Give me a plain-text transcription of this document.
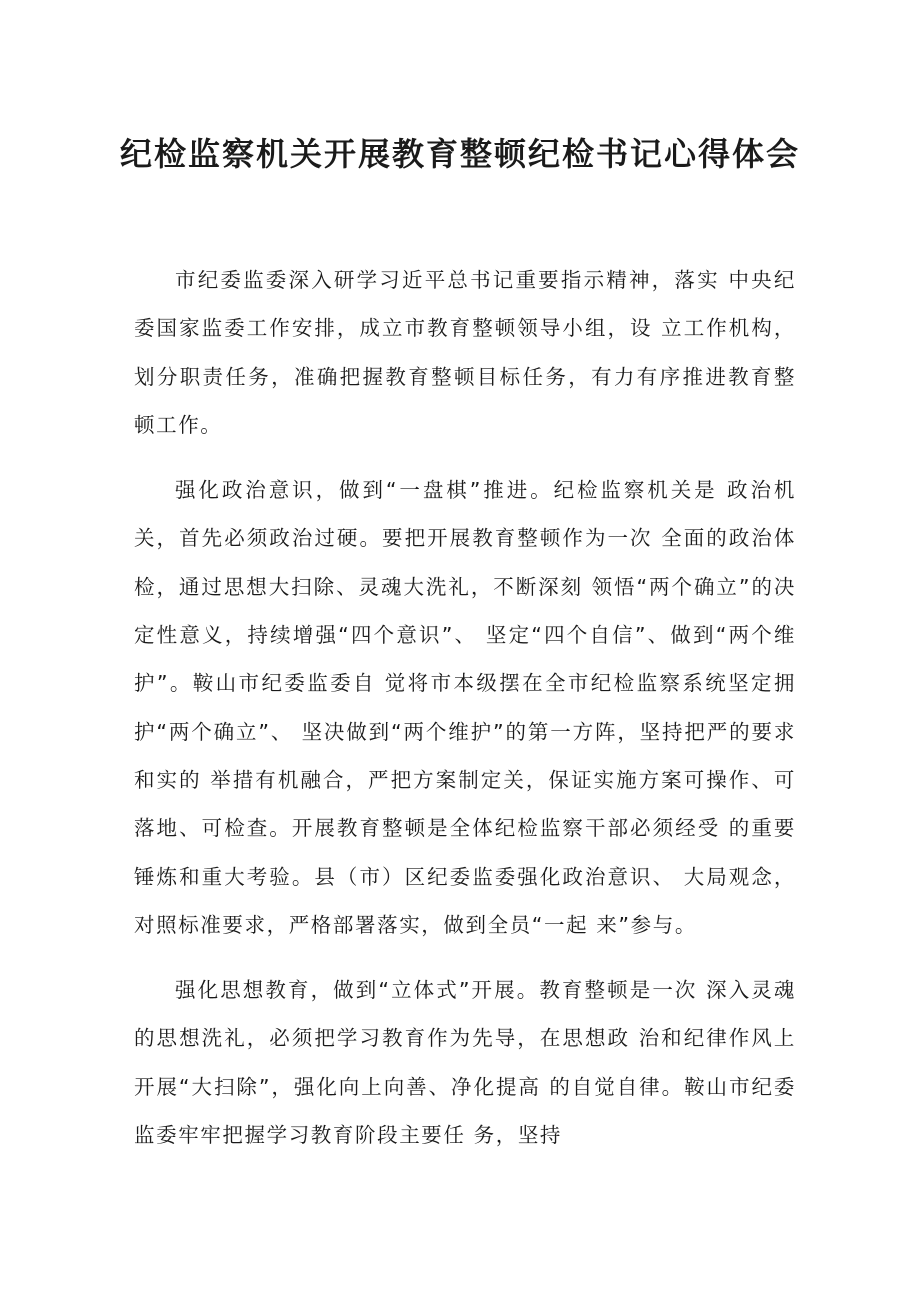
纪检监察机关开展教育整顿纪检书记心得体会

市纪委监委深入研学习近平总书记重要指示精神，落实 中央纪委国家监委工作安排，成立市教育整顿领导小组，设 立工作机构，划分职责任务，准确把握教育整顿目标任务，有力有序推进教育整顿工作。

强化政治意识，做到“一盘棋”推进。纪检监察机关是 政治机关，首先必须政治过硬。要把开展教育整顿作为一次 全面的政治体检，通过思想大扫除、灵魂大洗礼，不断深刻 领悟“两个确立”的决定性意义，持续增强“四个意识”、 坚定“四个自信”、做到“两个维护”。鞍山市纪委监委自 觉将市本级摆在全市纪检监察系统坚定拥护“两个确立”、 坚决做到“两个维护”的第一方阵，坚持把严的要求和实的 举措有机融合，严把方案制定关，保证实施方案可操作、可 落地、可检查。开展教育整顿是全体纪检监察干部必须经受 的重要锤炼和重大考验。县（市）区纪委监委强化政治意识、 大局观念，对照标准要求，严格部署落实，做到全员“一起 来”参与。

强化思想教育，做到“立体式”开展。教育整顿是一次 深入灵魂的思想洗礼，必须把学习教育作为先导，在思想政 治和纪律作风上开展“大扫除”，强化向上向善、净化提高 的自觉自律。鞍山市纪委监委牢牢把握学习教育阶段主要任 务，坚持
